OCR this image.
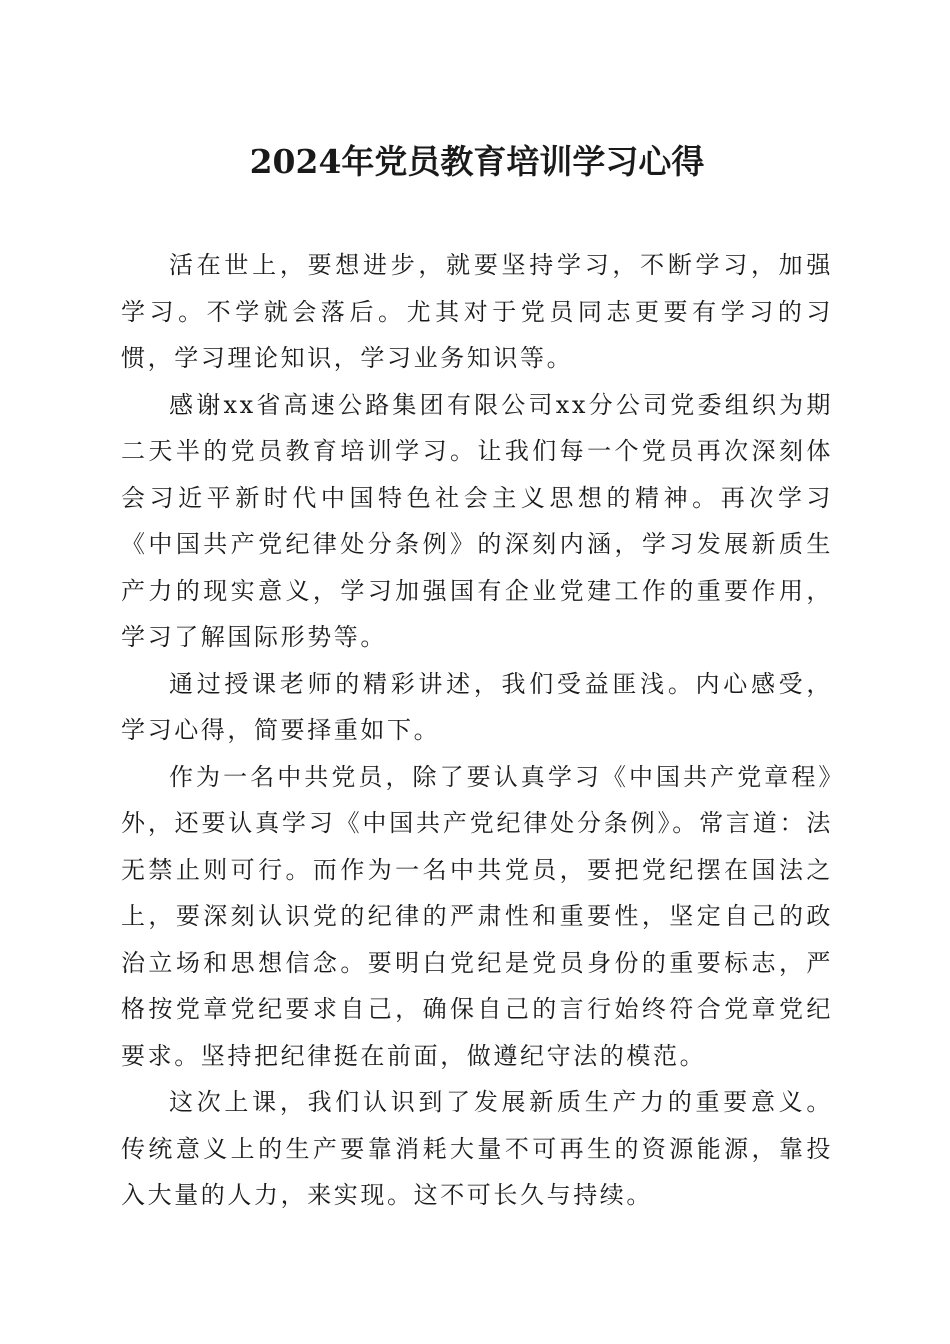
2024年党员教育培训学习心得

活在世上，要想进步，就要坚持学习，不断学习，加强学习。不学就会落后。尤其对于党员同志更要有学习的习惯，学习理论知识，学习业务知识等。

感谢xx省高速公路集团有限公司xx分公司党委组织为期二天半的党员教育培训学习。让我们每一个党员再次深刻体会习近平新时代中国特色社会主义思想的精神。再次学习《中国共产党纪律处分条例》的深刻内涵，学习发展新质生产力的现实意义，学习加强国有企业党建工作的重要作用，学习了解国际形势等。

通过授课老师的精彩讲述，我们受益匪浅。内心感受，学习心得，简要择重如下。

作为一名中共党员，除了要认真学习《中国共产党章程》外，还要认真学习《中国共产党纪律处分条例》。常言道：法无禁止则可行。而作为一名中共党员，要把党纪摆在国法之上，要深刻认识党的纪律的严肃性和重要性，坚定自己的政治立场和思想信念。要明白党纪是党员身份的重要标志，严格按党章党纪要求自己，确保自己的言行始终符合党章党纪要求。坚持把纪律挺在前面，做遵纪守法的模范。

这次上课，我们认识到了发展新质生产力的重要意义。传统意义上的生产要靠消耗大量不可再生的资源能源，靠投入大量的人力，来实现。这不可长久与持续。
